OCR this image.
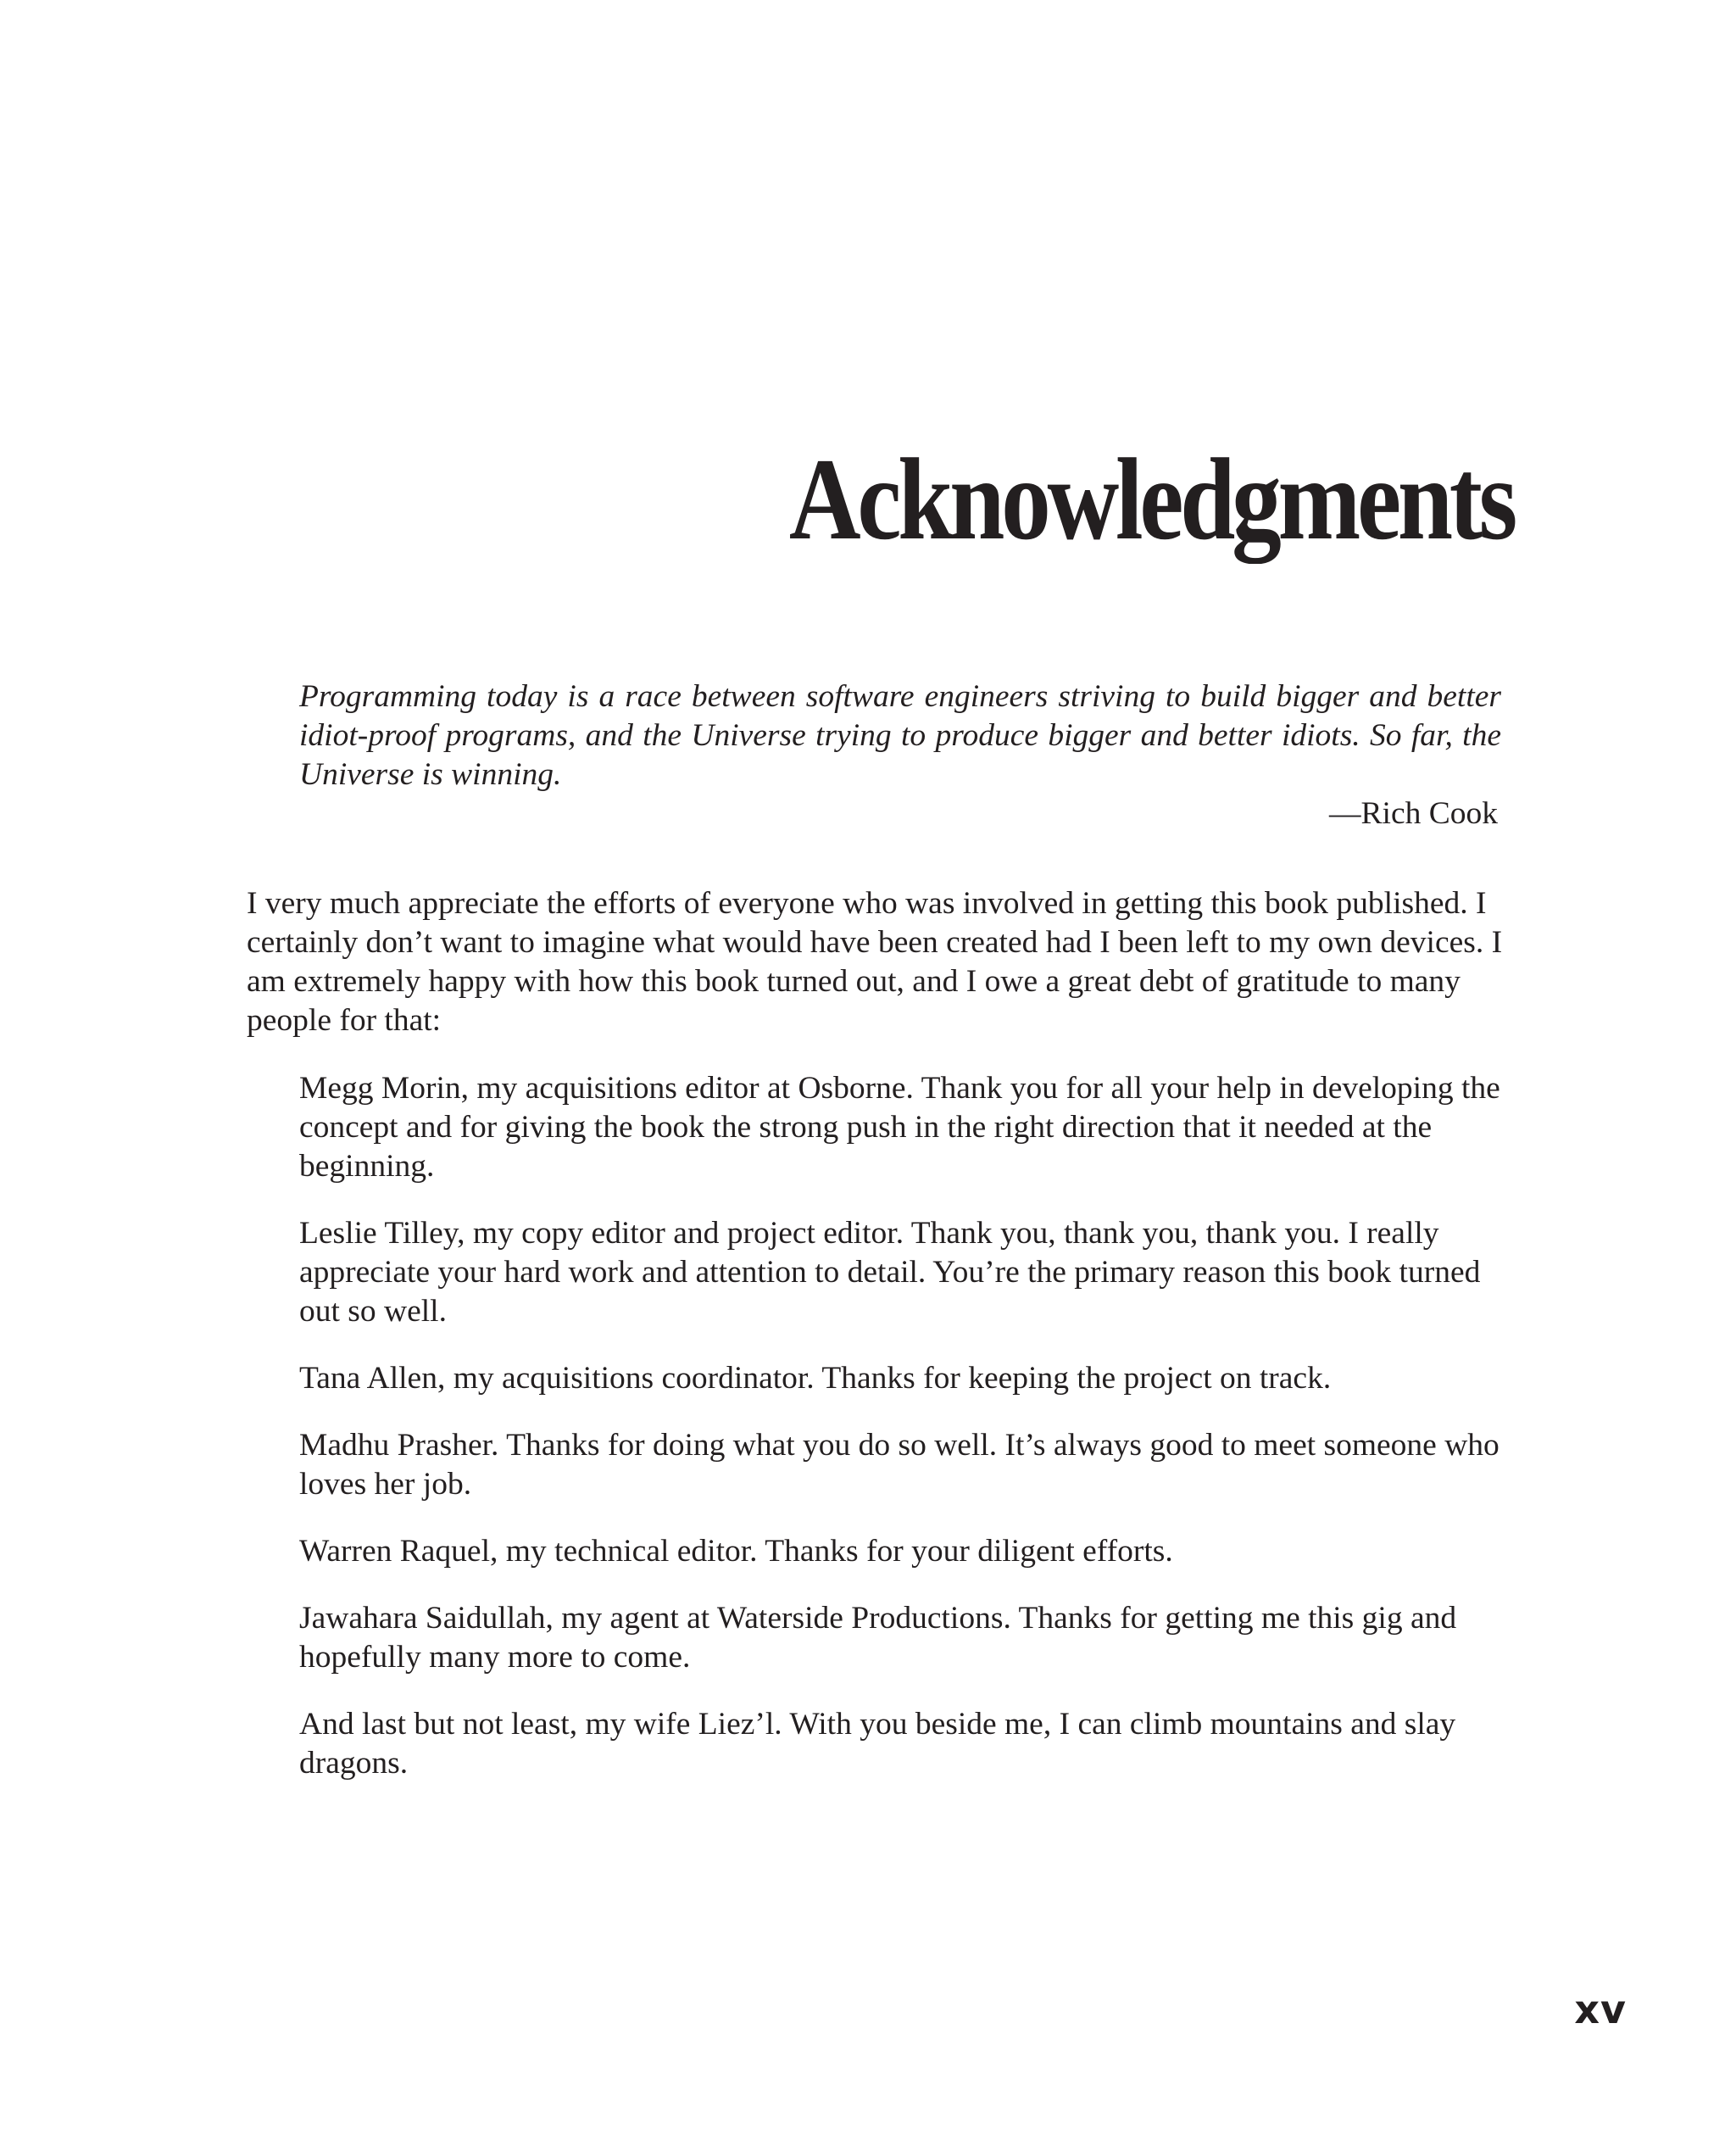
Acknowledgments

Programming today is a race between software engineers striving to build bigger and better idiot-proof programs, and the Universe trying to produce bigger and better idiots. So far, the Universe is winning.

—Rich Cook

I very much appreciate the efforts of everyone who was involved in getting this book published. I certainly don’t want to imagine what would have been created had I been left to my own devices. I am extremely happy with how this book turned out, and I owe a great debt of gratitude to many people for that:

Megg Morin, my acquisitions editor at Osborne. Thank you for all your help in developing the concept and for giving the book the strong push in the right direction that it needed at the beginning.
Leslie Tilley, my copy editor and project editor. Thank you, thank you, thank you. I really appreciate your hard work and attention to detail. You’re the primary reason this book turned out so well.
Tana Allen, my acquisitions coordinator. Thanks for keeping the project on track.
Madhu Prasher. Thanks for doing what you do so well. It’s always good to meet someone who loves her job.
Warren Raquel, my technical editor. Thanks for your diligent efforts.
Jawahara Saidullah, my agent at Waterside Productions. Thanks for getting me this gig and hopefully many more to come.
And last but not least, my wife Liez’l. With you beside me, I can climb mountains and slay dragons.
xv
